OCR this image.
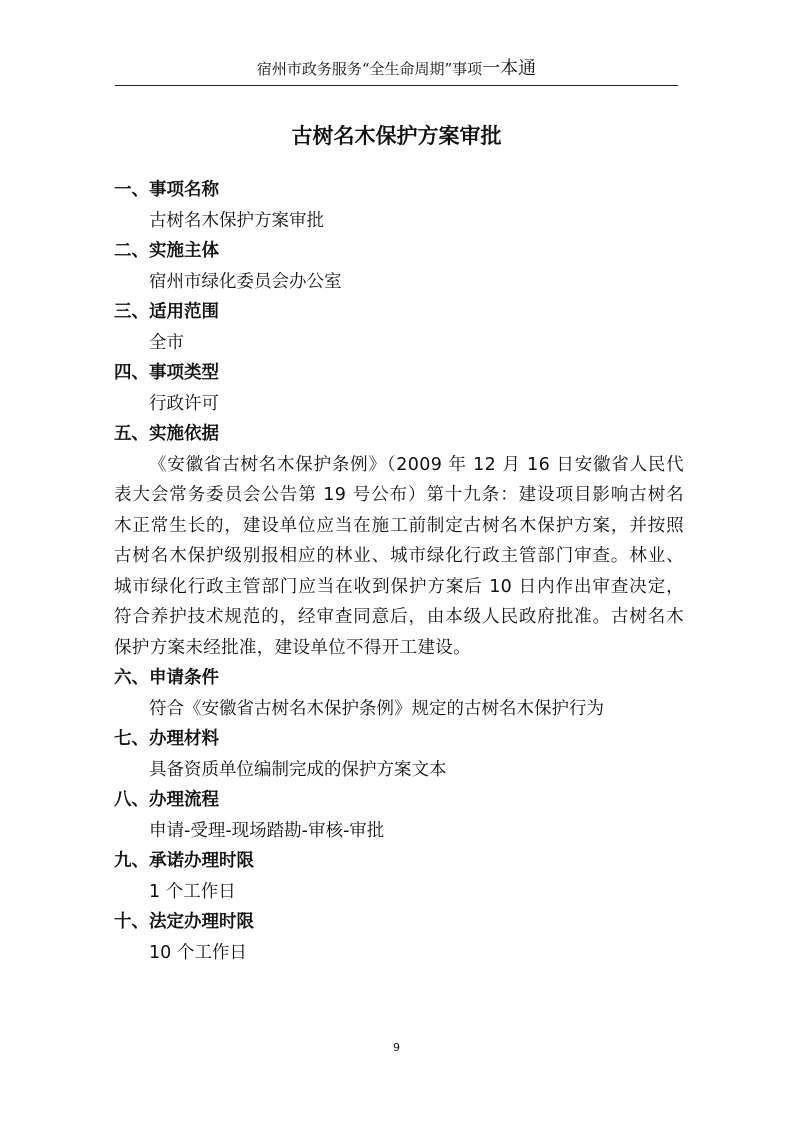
宿州市政务服务“全生命周期”事项一本通
古树名木保护方案审批
一、事项名称
古树名木保护方案审批
二、实施主体
宿州市绿化委员会办公室
三、适用范围
全市
四、事项类型
行政许可
五、实施依据
《安徽省古树名木保护条例》（2009 年 12 月 16 日安徽省人民代表大会常务委员会公告第 19 号公布）第十九条：建设项目影响古树名木正常生长的，建设单位应当在施工前制定古树名木保护方案，并按照古树名木保护级别报相应的林业、城市绿化行政主管部门审查。林业、城市绿化行政主管部门应当在收到保护方案后 10 日内作出审查决定，符合养护技术规范的，经审查同意后，由本级人民政府批准。古树名木保护方案未经批准，建设单位不得开工建设。
六、申请条件
符合《安徽省古树名木保护条例》规定的古树名木保护行为
七、办理材料
具备资质单位编制完成的保护方案文本
八、办理流程
申请-受理-现场踏勘-审核-审批
九、承诺办理时限
1 个工作日
十、法定办理时限
10 个工作日
9
